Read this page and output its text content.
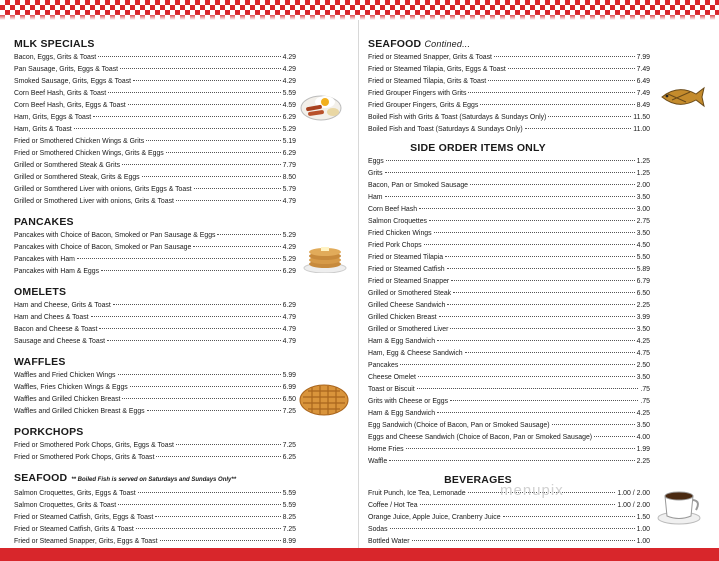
MLK SPECIALS
Bacon, Eggs, Grits & Toast	4.29
Pan Sausage, Grits, Eggs & Toast	4.29
Smoked Sausage, Grits, Eggs & Toast	4.29
Corn Beef Hash, Grits & Toast	5.59
Corn Beef Hash, Grits, Eggs & Toast	4.59
Ham, Grits, Eggs & Toast	6.29
Ham, Grits & Toast	5.29
Fried or Smothered Chicken Wings & Grits	5.19
Fried or Smothered Chicken Wings, Grits & Eggs	6.29
Grilled or Somthered Steak & Grits	7.79
Grilled or Somthered Steak, Grits & Eggs	8.50
Grilled or Somthered Liver with onions, Grits Eggs & Toast	5.79
Grilled or Smothered Liver with onions, Grits & Toast	4.79
PANCAKES
Pancakes with Choice of Bacon, Smoked or Pan Sausage & Eggs	5.29
Pancakes with Choice of Bacon, Smoked or Pan Sausage	4.29
Pancakes with Ham	5.29
Pancakes with Ham & Eggs	6.29
OMELETS
Ham and Cheese, Grits & Toast	6.29
Ham and Chees & Toast	4.79
Bacon and Cheese & Toast	4.79
Sausage and Cheese & Toast	4.79
WAFFLES
Waffles and Fried Chicken Wings	5.99
Waffles, Fries Chicken Wings & Eggs	6.99
Waffles and Grilled Chicken Breast	6.50
Waffles and Grilled Chicken Breast & Eggs	7.25
PORKCHOPS
Fried or Smothered Pork Chops, Grits, Eggs & Toast	7.25
Fried or Smothered Pork Chops, Grits & Toast	6.25
SEAFOOD ** Boiled Fish is served on Saturdays and Sundays Only**
Salmon Croquettes, Grits, Eggs & Toast	5.59
Salmon Croquettes, Grits & Toast	5.59
Fried or Steamed Catfish, Grits, Eggs & Toast	8.25
Fried or Steamed Catfish, Grits & Toast	7.25
Fried or Steamed Snapper, Grits, Eggs & Toast	8.99
SEAFOOD Contined...
Fried or Steamed Snapper, Grits & Toast	7.99
Fried or Steamed Tilapia, Grits, Eggs & Toast	7.49
Fried or Steamed Tilapia, Grits & Toast	6.49
Fried Grouper Fingers with Grits	7.49
Fried Grouper Fingers, Grits & Eggs	8.49
Boiled Fish with Grits & Toast (Saturdays & Sundays Only)	11.50
Boiled Fish and Toast (Saturdays & Sundays Only)	11.00
SIDE ORDER ITEMS ONLY
Eggs	1.25
Grits	1.25
Bacon, Pan or Smoked Sausage	2.00
Ham	3.50
Corn Beef Hash	3.00
Salmon Croquettes	2.75
Fried Chicken Wings	3.50
Fried Pork Chops	4.50
Fried or Steamed Tilapia	5.50
Fried or Steamed Catfish	5.89
Fried or Steamed Snapper	6.79
Grilled or Smothered Steak	6.50
Grilled Cheese Sandwich	2.25
Grilled Chicken Breast	3.99
Grilled or Smothered Liver	3.50
Ham & Egg Sandwich	4.25
Ham, Egg & Cheese Sandwich	4.75
Pancakes	2.50
Cheese Omelet	3.50
Toast or Biscuit	.75
Grits with Cheese or Eggs	.75
Ham & Egg Sandwich	4.25
Egg Sandwich (Choice of Bacon, Pan or Smoked Sausage)	3.50
Eggs and Cheese Sandwich (Choice of Bacon, Pan or Smoked Sausage)	4.00
Home Fries	1.99
Waffle	2.25
BEVERAGES
Fruit Punch, Ice Tea, Lemonade	1.00 / 2.00
Coffee / Hot Tea	1.00 / 2.00
Orange Juice, Apple Juice, Cranberry Juice	1.50
Sodas	1.00
Bottled Water	1.00
menupix
